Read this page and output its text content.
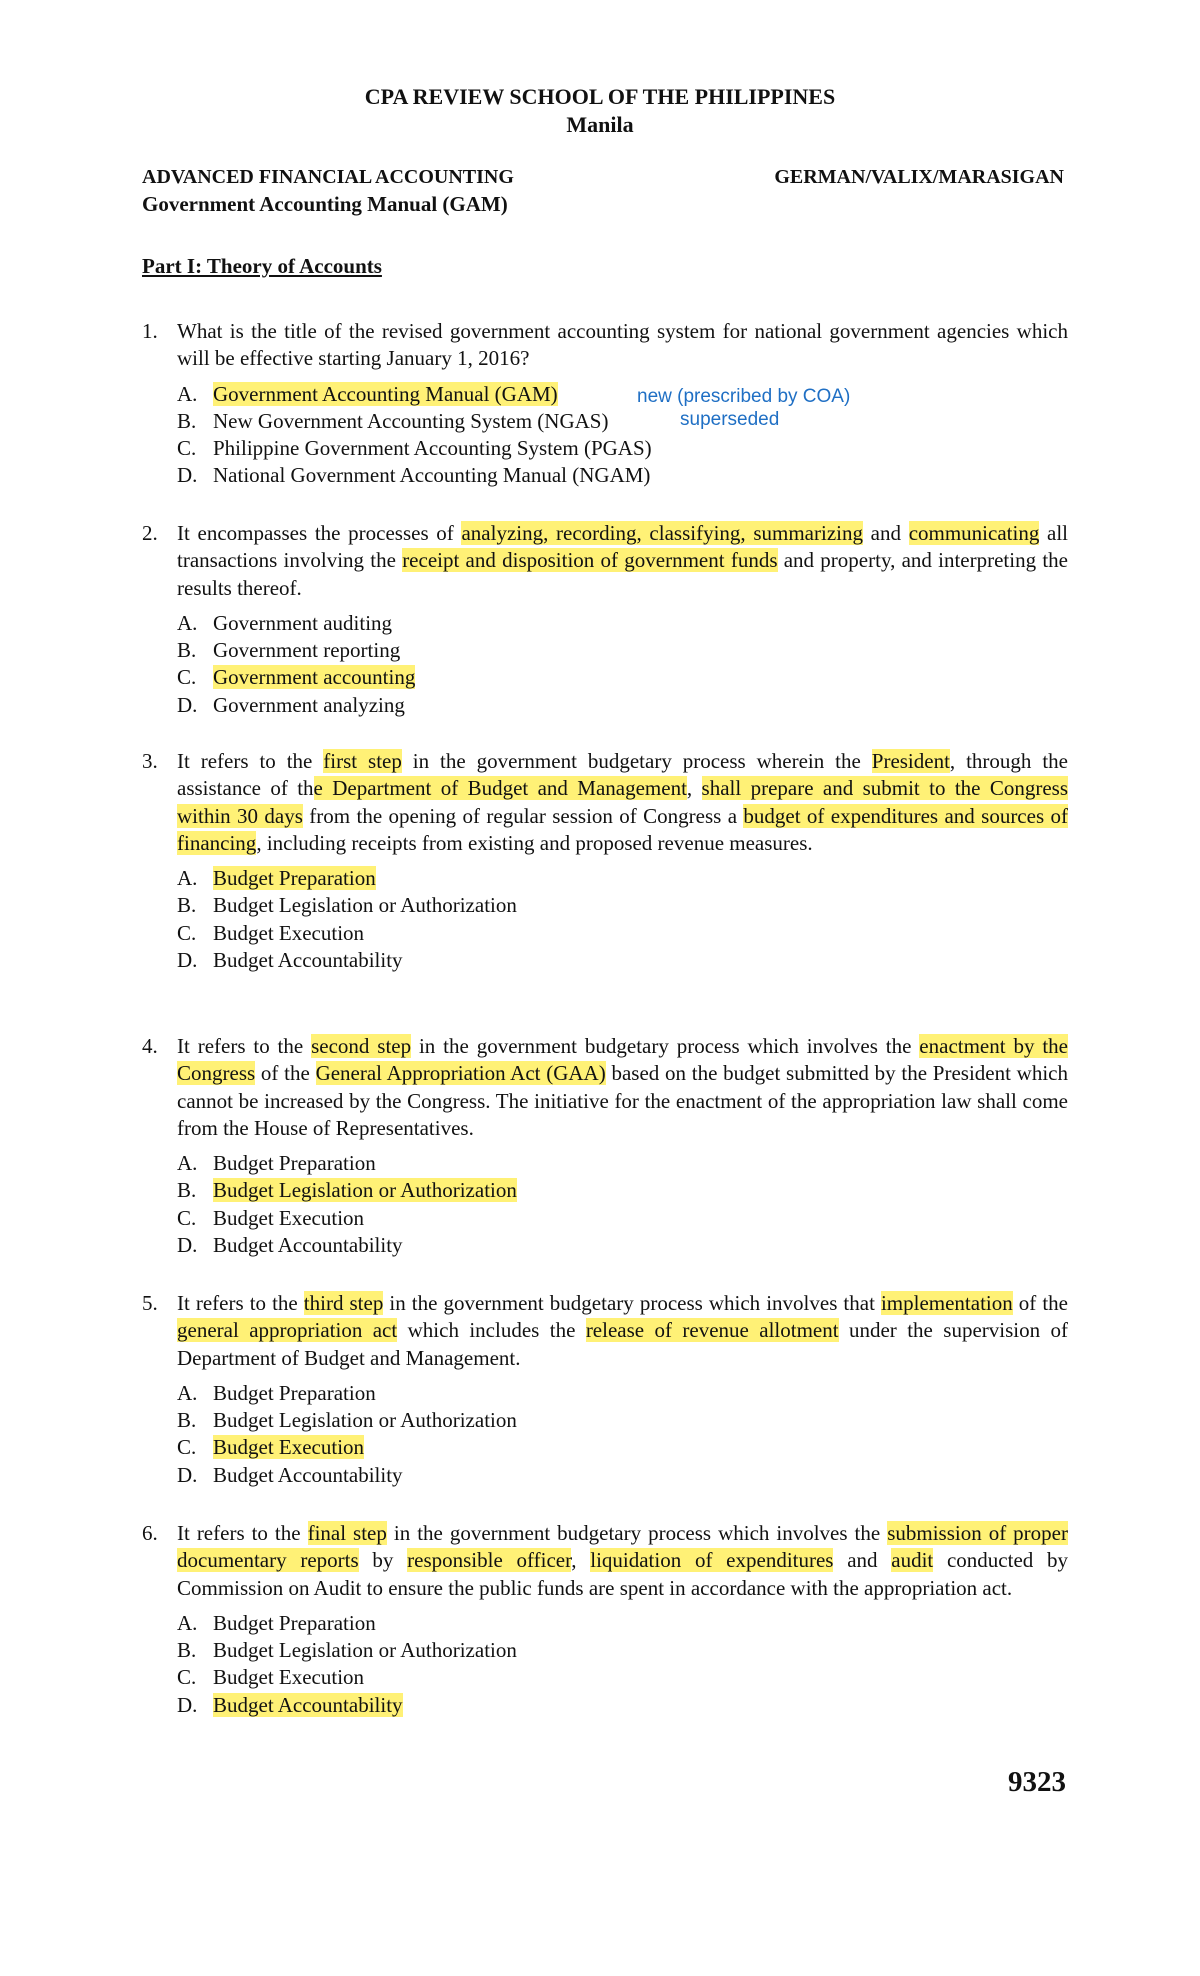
CPA REVIEW SCHOOL OF THE PHILIPPINES
Manila
ADVANCED FINANCIAL ACCOUNTING	GERMAN/VALIX/MARASIGAN
Government Accounting Manual (GAM)
Part I: Theory of Accounts
1. What is the title of the revised government accounting system for national government agencies which will be effective starting January 1, 2016?
A. Government Accounting Manual (GAM)
B. New Government Accounting System (NGAS)
C. Philippine Government Accounting System (PGAS)
D. National Government Accounting Manual (NGAM)
2. It encompasses the processes of analyzing, recording, classifying, summarizing and communicating all transactions involving the receipt and disposition of government funds and property, and interpreting the results thereof.
A. Government auditing
B. Government reporting
C. Government accounting
D. Government analyzing
3. It refers to the first step in the government budgetary process wherein the President, through the assistance of the Department of Budget and Management, shall prepare and submit to the Congress within 30 days from the opening of regular session of Congress a budget of expenditures and sources of financing, including receipts from existing and proposed revenue measures.
A. Budget Preparation
B. Budget Legislation or Authorization
C. Budget Execution
D. Budget Accountability
4. It refers to the second step in the government budgetary process which involves the enactment by the Congress of the General Appropriation Act (GAA) based on the budget submitted by the President which cannot be increased by the Congress. The initiative for the enactment of the appropriation law shall come from the House of Representatives.
A. Budget Preparation
B. Budget Legislation or Authorization
C. Budget Execution
D. Budget Accountability
5. It refers to the third step in the government budgetary process which involves that implementation of the general appropriation act which includes the release of revenue allotment under the supervision of Department of Budget and Management.
A. Budget Preparation
B. Budget Legislation or Authorization
C. Budget Execution
D. Budget Accountability
6. It refers to the final step in the government budgetary process which involves the submission of proper documentary reports by responsible officer, liquidation of expenditures and audit conducted by Commission on Audit to ensure the public funds are spent in accordance with the appropriation act.
A. Budget Preparation
B. Budget Legislation or Authorization
C. Budget Execution
D. Budget Accountability
new (prescribed by COA)
superseded
9323
